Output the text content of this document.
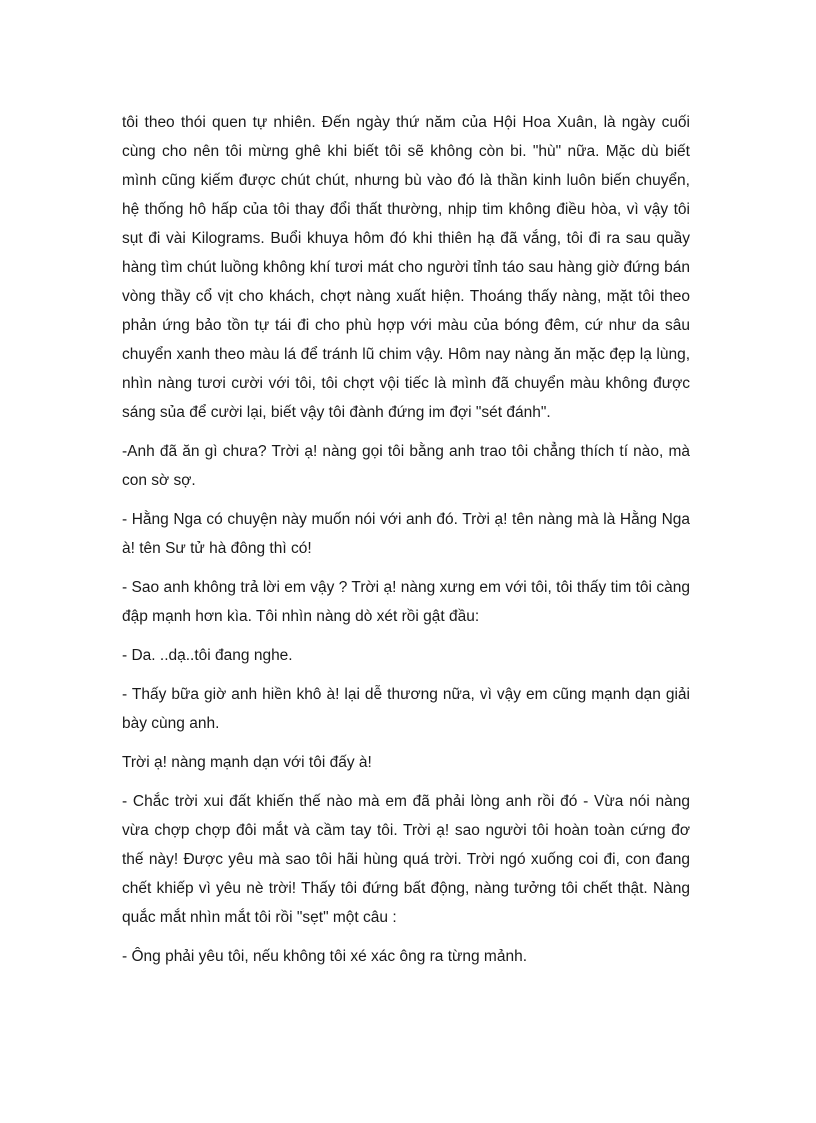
tôi theo thói quen tự nhiên. Đến ngày thứ năm của Hội Hoa Xuân, là ngày cuối cùng cho nên tôi mừng ghê khi biết tôi sẽ không còn bi. "hù" nữa. Mặc dù biết mình cũng kiếm được chút chút, nhưng bù vào đó là thần kinh luôn biến chuyển, hệ thống hô hấp của tôi thay đổi thất thường, nhịp tim không điều hòa, vì vậy tôi sụt đi vài Kilograms. Buổi khuya hôm đó khi thiên hạ đã vắng, tôi đi ra sau quầy hàng tìm chút luồng không khí tươi mát cho người tỉnh táo sau hàng giờ đứng bán vòng thầy cổ vịt cho khách, chợt nàng xuất hiện. Thoáng thấy nàng, mặt tôi theo phản ứng bảo tồn tự tái đi cho phù hợp với màu của bóng đêm, cứ như da sâu chuyển xanh theo màu lá để tránh lũ chim vậy. Hôm nay nàng ăn mặc đẹp lạ lùng, nhìn nàng tươi cười với tôi, tôi chợt vội tiếc là mình đã chuyển màu không được sáng sủa để cười lại, biết vậy tôi đành đứng im đợi "sét đánh".

-Anh đã ăn gì chưa? Trời ạ! nàng gọi tôi bằng anh trao tôi chẳng thích tí nào, mà con sờ sợ.

- Hằng Nga có chuyện này muốn nói với anh đó. Trời ạ! tên nàng mà là Hằng Nga à! tên Sư tử hà đông thì có!

- Sao anh không trả lời em vậy ? Trời ạ! nàng xưng em với tôi, tôi thấy tim tôi càng đập mạnh hơn kìa. Tôi nhìn nàng dò xét rồi gật đầu:

- Da. ..dạ..tôi đang nghe.

- Thấy bữa giờ anh hiền khô à! lại dễ thương nữa, vì vậy em cũng mạnh dạn giải bày cùng anh.

Trời ạ! nàng mạnh dạn với tôi đấy à!

- Chắc trời xui đất khiến thế nào mà em đã phải lòng anh rồi đó - Vừa nói nàng vừa chợp chợp đôi mắt và cầm tay tôi. Trời ạ! sao người tôi hoàn toàn cứng đơ thế này! Được yêu mà sao tôi hãi hùng quá trời. Trời ngó xuống coi đi, con đang chết khiếp vì yêu nè trời! Thấy tôi đứng bất động, nàng tưởng tôi chết thật. Nàng quắc mắt nhìn mắt tôi rồi "sẹt" một câu :

- Ông phải yêu tôi, nếu không tôi xé xác ông ra từng mảnh.
